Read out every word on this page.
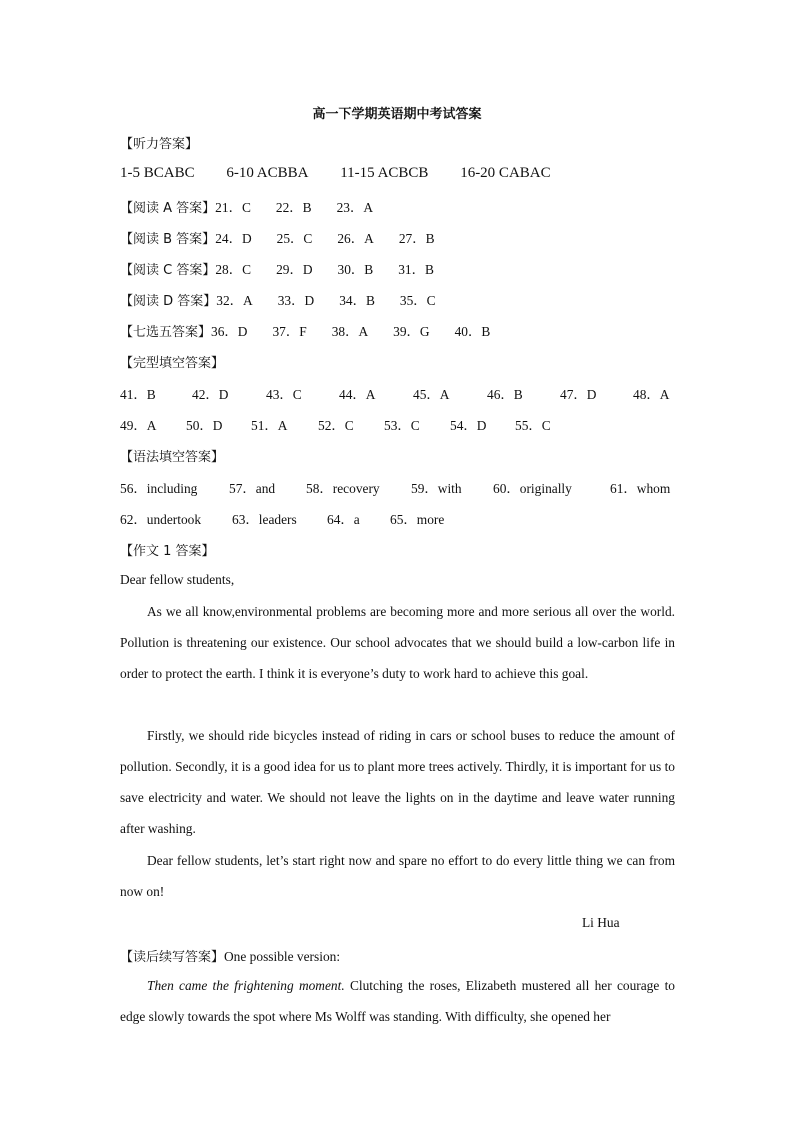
高一下学期英语期中考试答案
【听力答案】
1-5 BCABC 6-10 ACBBA 11-15 ACBCB 16-20 CABAC
【阅读 A 答案】 21．C 22．B 23．A
【阅读 B 答案】 24．D 25．C 26．A 27．B
【阅读 C 答案】 28．C 29．D 30．B 31．B
【阅读 D 答案】 32．A 33．D 34．B 35．C
【七选五答案】 36．D 37．F 38．A 39．G 40．B
【完型填空答案】
41．B	42．D	43．C	44．A	45．A	46．B	47．D	48．A
49．A 50．D 51．A 52．C 53．C 54．D 55．C
【语法填空答案】
56．including 57．and 58．recovery 59．with 60．originally	61．whom
62．undertook 63．leaders 64．a 65．more
【作文 1 答案】
Dear fellow students,
As we all know,environmental problems are becoming more and more serious all over the world. Pollution is threatening our existence. Our school advocates that we should build a low-carbon life in order to protect the earth. I think it is everyone’s duty to work hard to achieve this goal.
Firstly, we should ride bicycles instead of riding in cars or school buses to reduce the amount of pollution. Secondly, it is a good idea for us to plant more trees actively. Thirdly, it is important for us to save electricity and water. We should not leave the lights on in the daytime and leave water running after washing.
Dear fellow students, let’s start right now and spare no effort to do every little thing we can from now on!
Li Hua
【读后续写答案】One possible version:
Then came the frightening moment. Clutching the roses, Elizabeth mustered all her courage to edge slowly towards the spot where Ms Wolff was standing. With difficulty, she opened her
